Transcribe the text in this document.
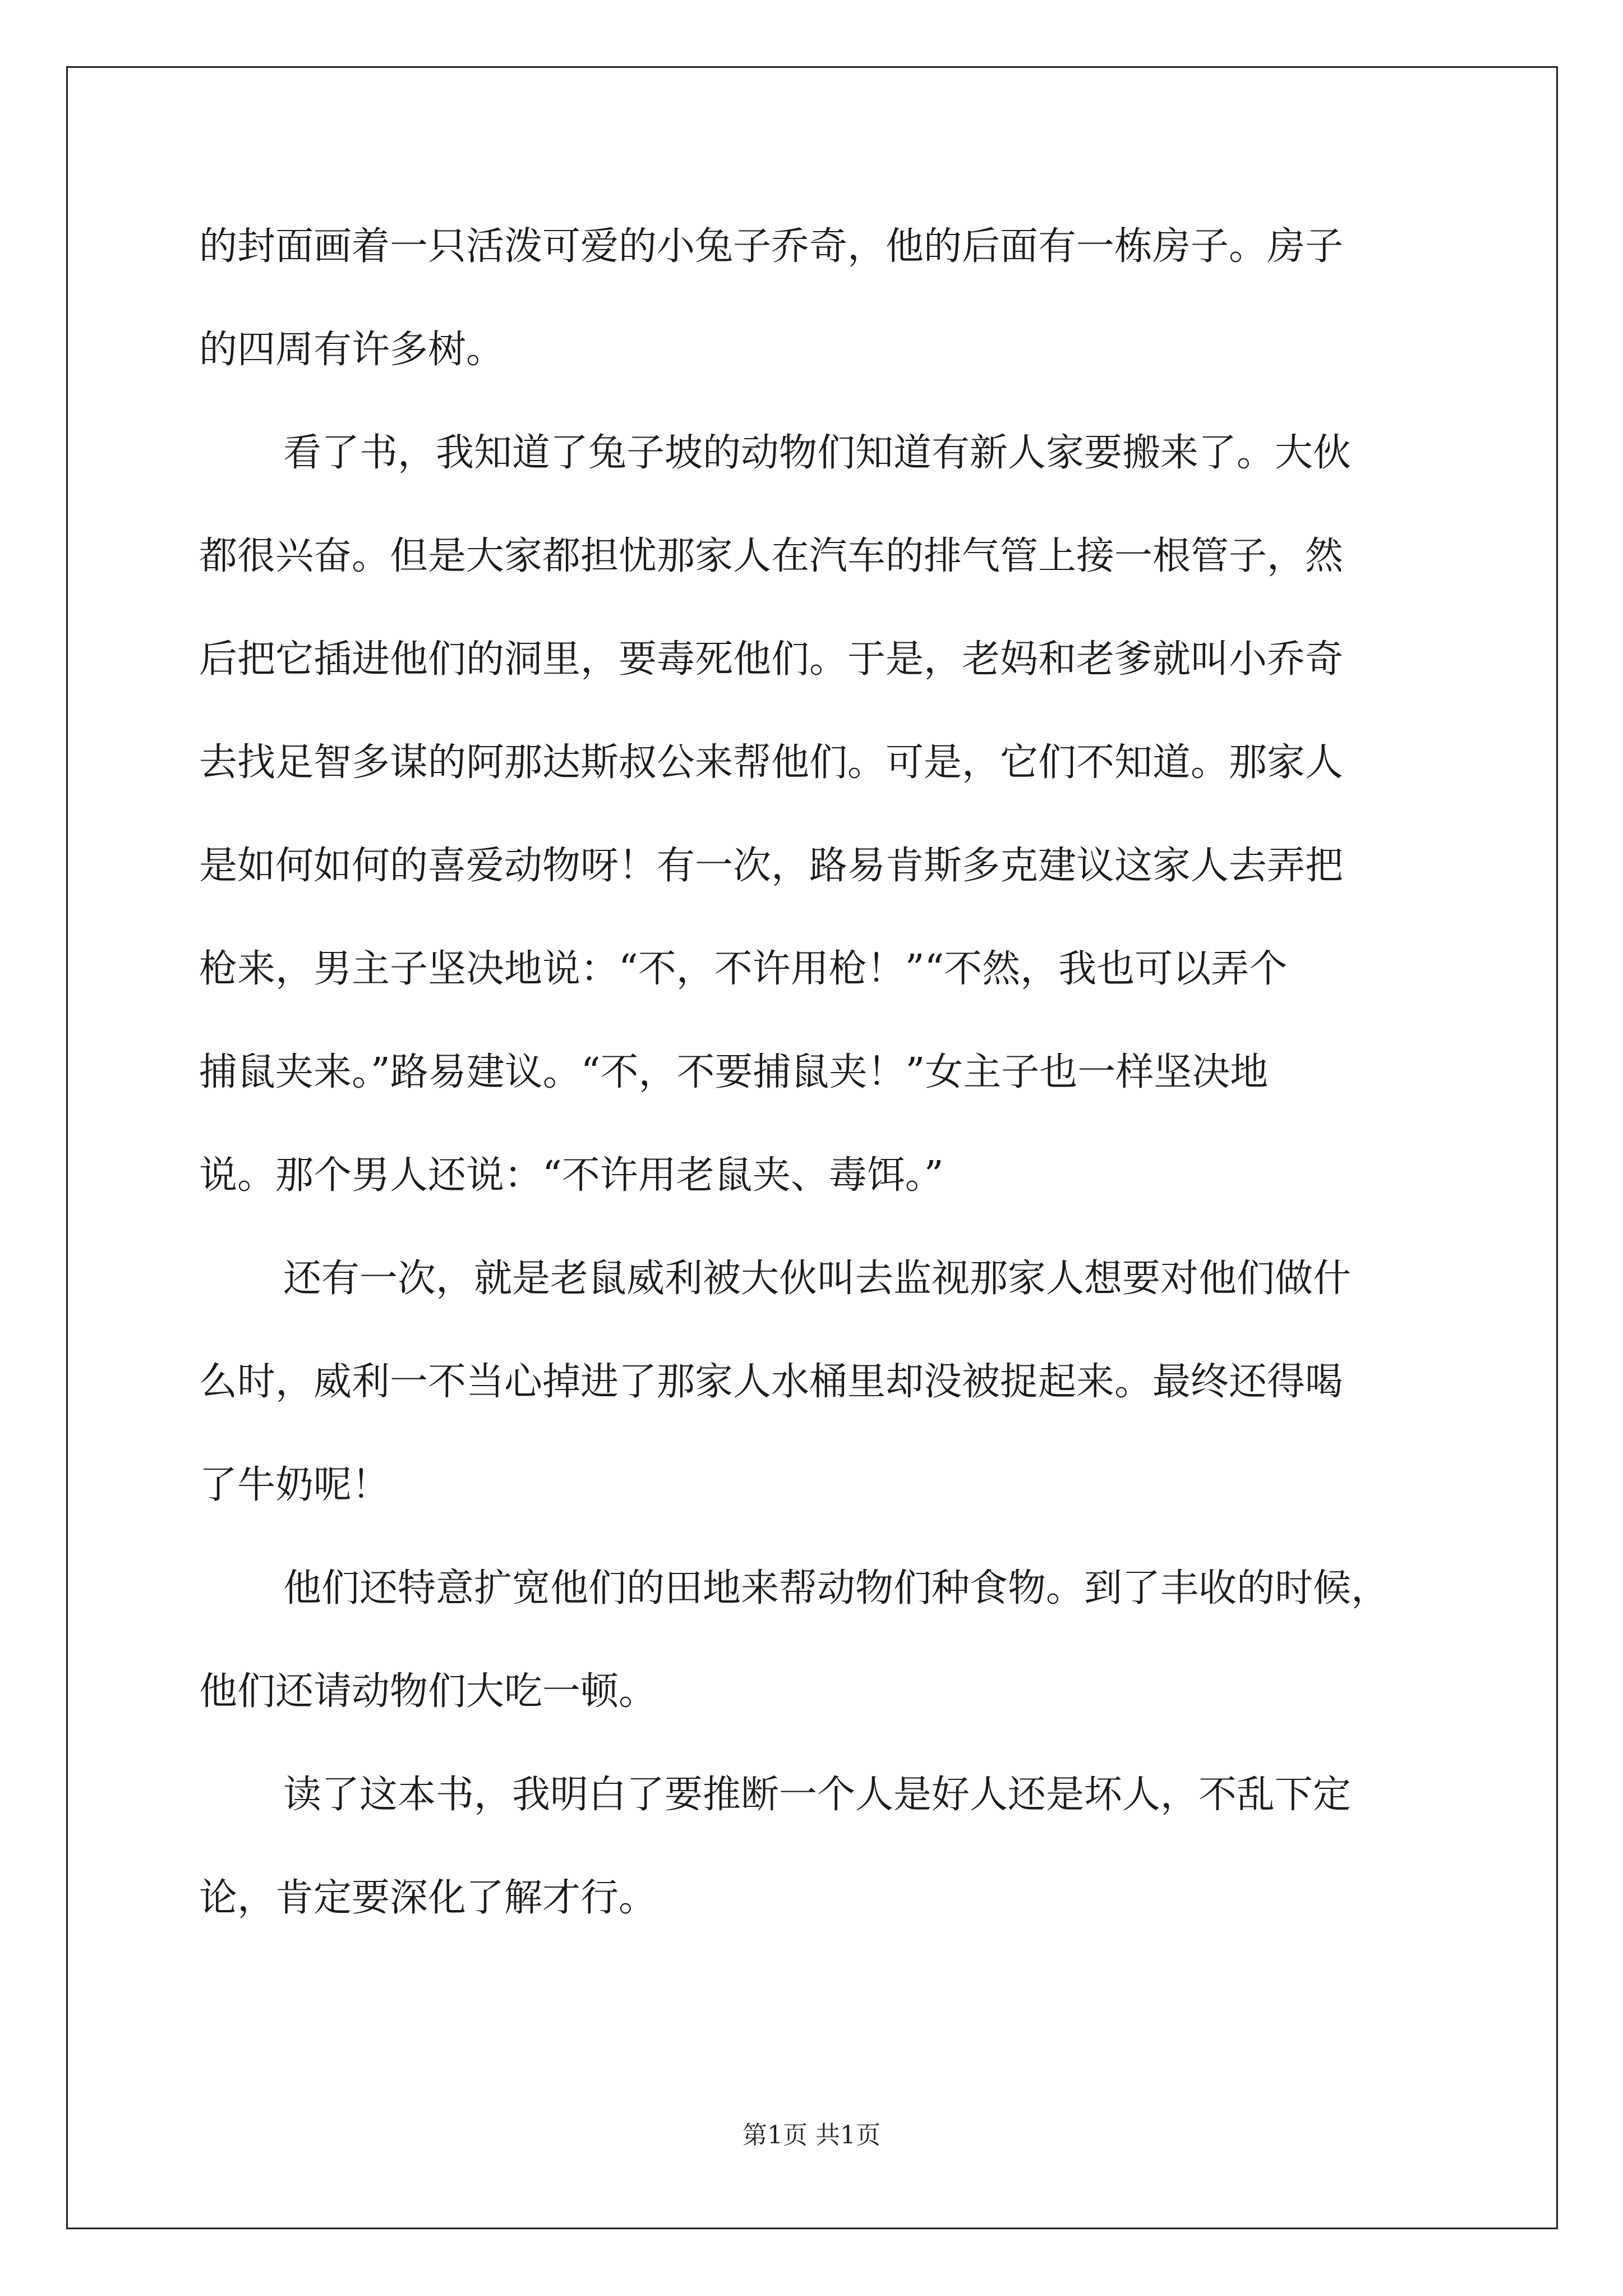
的封面画着一只活泼可爱的小兔子乔奇，他的后面有一栋房子。房子
的四周有许多树。
看了书，我知道了兔子坡的动物们知道有新人家要搬来了。大伙
都很兴奋。但是大家都担忧那家人在汽车的排气管上接一根管子，然
后把它插进他们的洞里，要毒死他们。于是，老妈和老爹就叫小乔奇
去找足智多谋的阿那达斯叔公来帮他们。可是，它们不知道。那家人
是如何如何的喜爱动物呀！有一次，路易肯斯多克建议这家人去弄把
枪来，男主子坚决地说：“不，不许用枪！”“不然，我也可以弄个
捕鼠夹来。”路易建议。“不，不要捕鼠夹！”女主子也一样坚决地
说。那个男人还说：“不许用老鼠夹、毒饵。”
还有一次，就是老鼠威利被大伙叫去监视那家人想要对他们做什
么时，威利一不当心掉进了那家人水桶里却没被捉起来。最终还得喝
了牛奶呢！
他们还特意扩宽他们的田地来帮动物们种食物。到了丰收的时候，
他们还请动物们大吃一顿。
读了这本书，我明白了要推断一个人是好人还是坏人，不乱下定
论，肯定要深化了解才行。
第1页 共1页
